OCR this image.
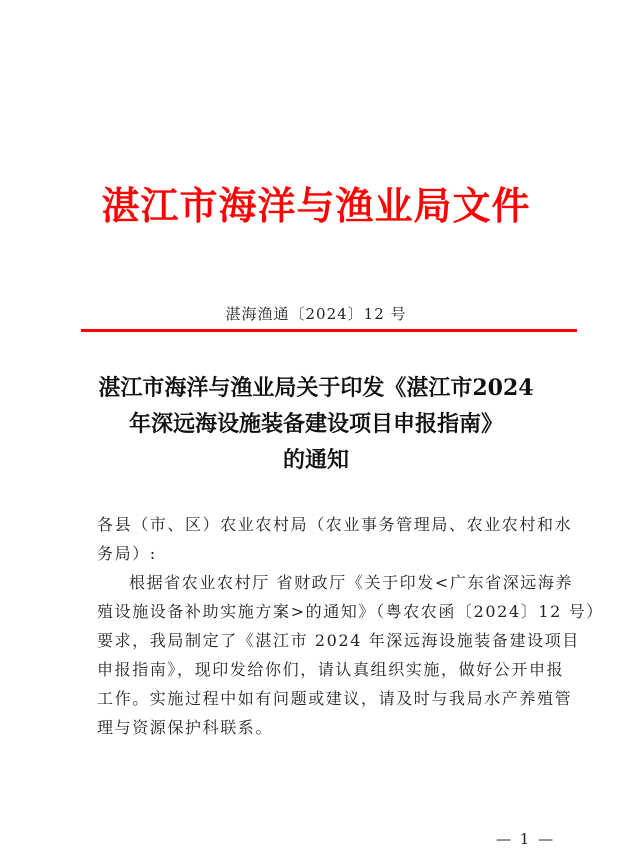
湛江市海洋与渔业局文件
湛海渔通〔2024〕12 号
湛江市海洋与渔业局关于印发《湛江市2024
年深远海设施装备建设项目申报指南》
的通知
各县（市、区）农业农村局（农业事务管理局、农业农村和水
务局）:
根据省农业农村厅 省财政厅《关于印发<广东省深远海养
殖设施设备补助实施方案>的通知》（粤农农函〔2024〕12 号）
要求，我局制定了《湛江市 2024 年深远海设施装备建设项目
申报指南》，现印发给你们，请认真组织实施，做好公开申报
工作。实施过程中如有问题或建议，请及时与我局水产养殖管
理与资源保护科联系。
— 1 —
